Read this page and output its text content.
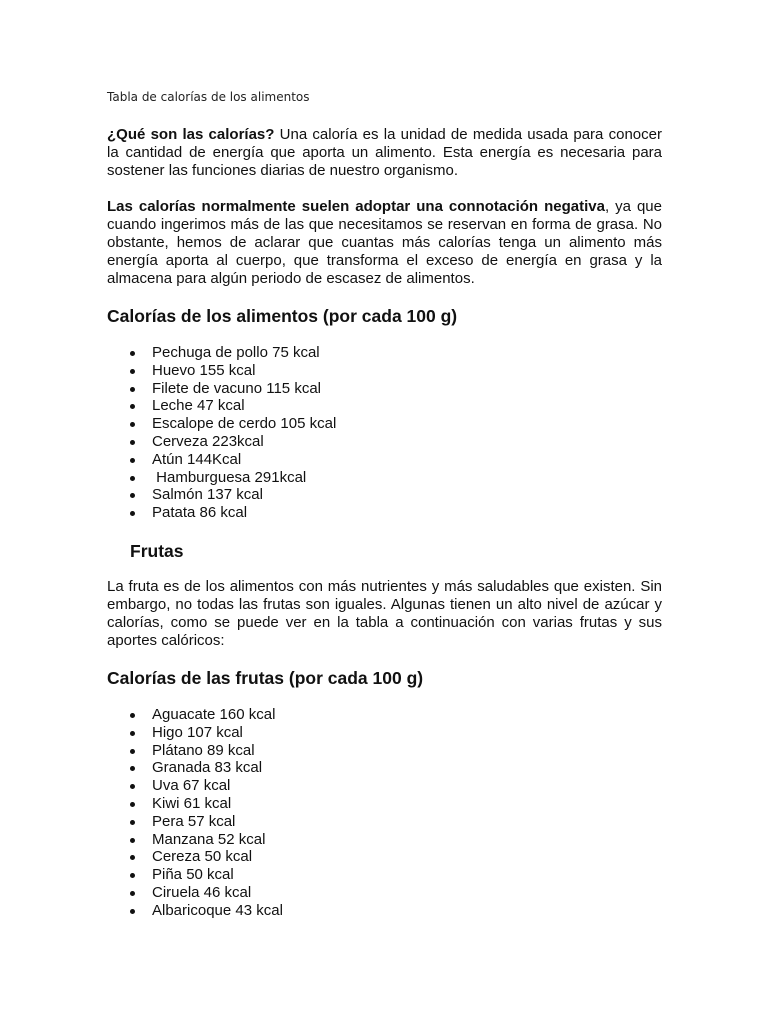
Tabla de calorías de los alimentos

¿Qué son las calorías? Una caloría es la unidad de medida usada para conocer la cantidad de energía que aporta un alimento. Esta energía es necesaria para sostener las funciones diarias de nuestro organismo.

Las calorías normalmente suelen adoptar una connotación negativa, ya que cuando ingerimos más de las que necesitamos se reservan en forma de grasa. No obstante, hemos de aclarar que cuantas más calorías tenga un alimento más energía aporta al cuerpo, que transforma el exceso de energía en grasa y la almacena para algún periodo de escasez de alimentos.

Calorías de los alimentos (por cada 100 g)
Pechuga de pollo 75 kcal
Huevo 155 kcal
Filete de vacuno 115 kcal
Leche 47 kcal
Escalope de cerdo 105 kcal
Cerveza 223kcal
Atún 144Kcal
Hamburguesa 291kcal
Salmón 137 kcal
Patata 86 kcal
Frutas

La fruta es de los alimentos con más nutrientes y más saludables que existen. Sin embargo, no todas las frutas son iguales. Algunas tienen un alto nivel de azúcar y calorías, como se puede ver en la tabla a continuación con varias frutas y sus aportes calóricos:

Calorías de las frutas (por cada 100 g)
Aguacate 160 kcal
Higo 107 kcal
Plátano 89 kcal
Granada 83 kcal
Uva 67 kcal
Kiwi 61 kcal
Pera 57 kcal
Manzana 52 kcal
Cereza 50 kcal
Piña 50 kcal
Ciruela 46 kcal
Albaricoque 43 kcal
